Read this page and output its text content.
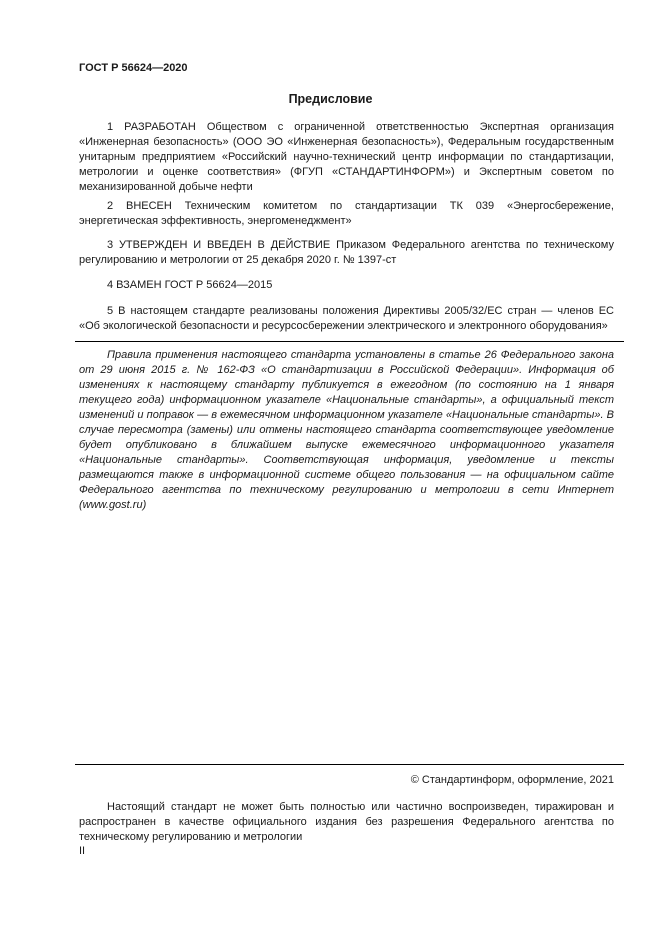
ГОСТ Р 56624—2020
Предисловие

1 РАЗРАБОТАН Обществом с ограниченной ответственностью Экспертная организация «Инженерная безопасность» (ООО ЭО «Инженерная безопасность»), Федеральным государственным унитарным предприятием «Российский научно-технический центр информации по стандартизации, метрологии и оценке соответствия» (ФГУП «СТАНДАРТИНФОРМ») и Экспертным советом по механизированной добыче нефти

2 ВНЕСЕН Техническим комитетом по стандартизации ТК 039 «Энергосбережение, энергетическая эффективность, энергоменеджмент»

3 УТВЕРЖДЕН И ВВЕДЕН В ДЕЙСТВИЕ Приказом Федерального агентства по техническому регулированию и метрологии от 25 декабря 2020 г. № 1397-ст

4 ВЗАМЕН ГОСТ Р 56624—2015

5 В настоящем стандарте реализованы положения Директивы 2005/32/ЕС стран — членов ЕС «Об экологической безопасности и ресурсосбережении электрического и электронного оборудования»

Правила применения настоящего стандарта установлены в статье 26 Федерального закона от 29 июня 2015 г. № 162-ФЗ «О стандартизации в Российской Федерации». Информация об изменениях к настоящему стандарту публикуется в ежегодном (по состоянию на 1 января текущего года) информационном указателе «Национальные стандарты», а официальный текст изменений и поправок — в ежемесячном информационном указателе «Национальные стандарты». В случае пересмотра (замены) или отмены настоящего стандарта соответствующее уведомление будет опубликовано в ближайшем выпуске ежемесячного информационного указателя «Национальные стандарты». Соответствующая информация, уведомление и тексты размещаются также в информационной системе общего пользования — на официальном сайте Федерального агентства по техническому регулированию и метрологии в сети Интернет (www.gost.ru)

© Стандартинформ, оформление, 2021

Настоящий стандарт не может быть полностью или частично воспроизведен, тиражирован и распространен в качестве официального издания без разрешения Федерального агентства по техническому регулированию и метрологии

II
